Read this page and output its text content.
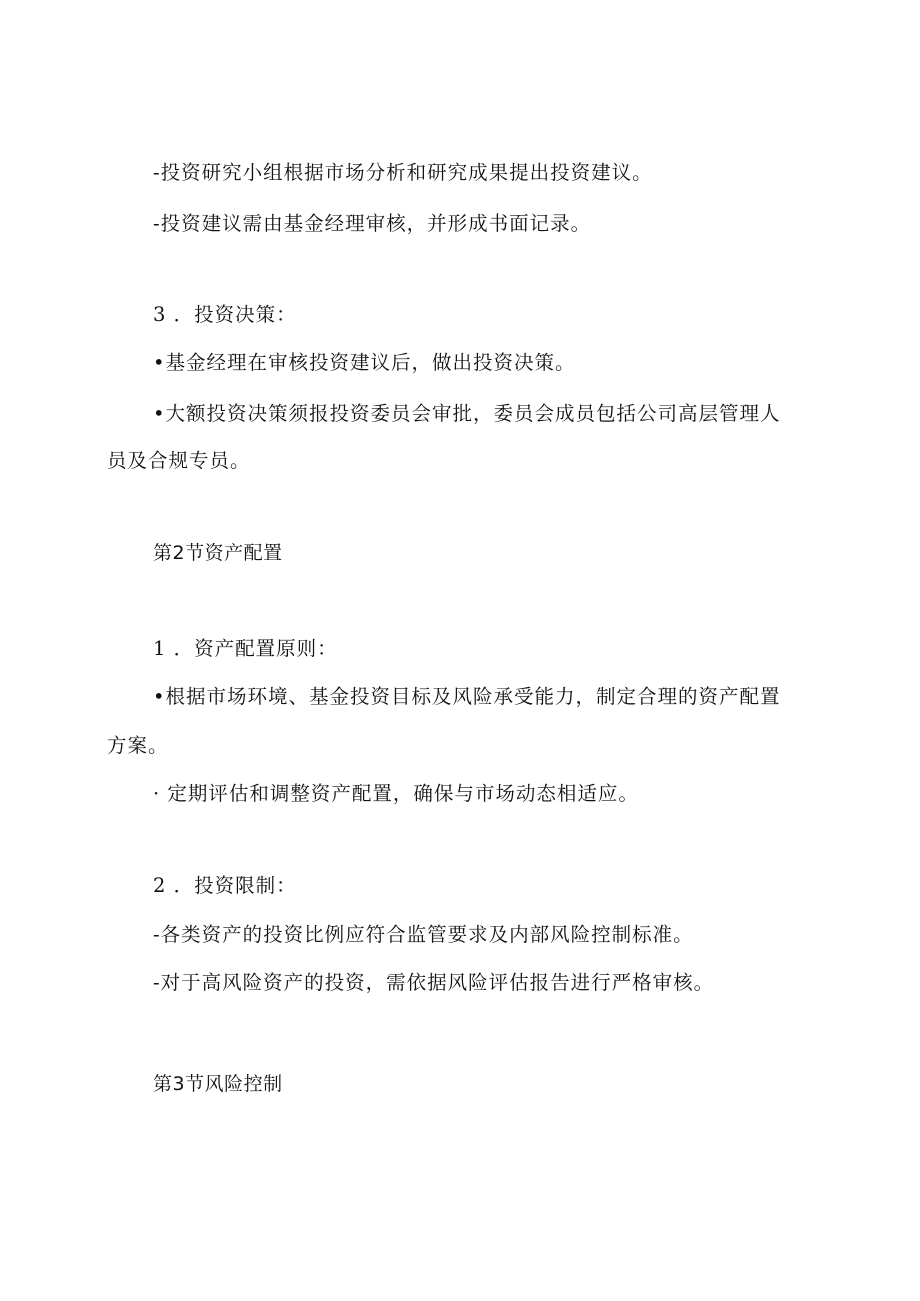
-投资研究小组根据市场分析和研究成果提出投资建议。
-投资建议需由基金经理审核，并形成书面记录。
3 ．投资决策：
•基金经理在审核投资建议后，做出投资决策。
•大额投资决策须报投资委员会审批，委员会成员包括公司高层管理人
员及合规专员。
第2节资产配置
1 ．资产配置原则：
•根据市场环境、基金投资目标及风险承受能力，制定合理的资产配置
方案。
· 定期评估和调整资产配置，确保与市场动态相适应。
2 ．投资限制：
-各类资产的投资比例应符合监管要求及内部风险控制标准。
-对于高风险资产的投资，需依据风险评估报告进行严格审核。
第3节风险控制
